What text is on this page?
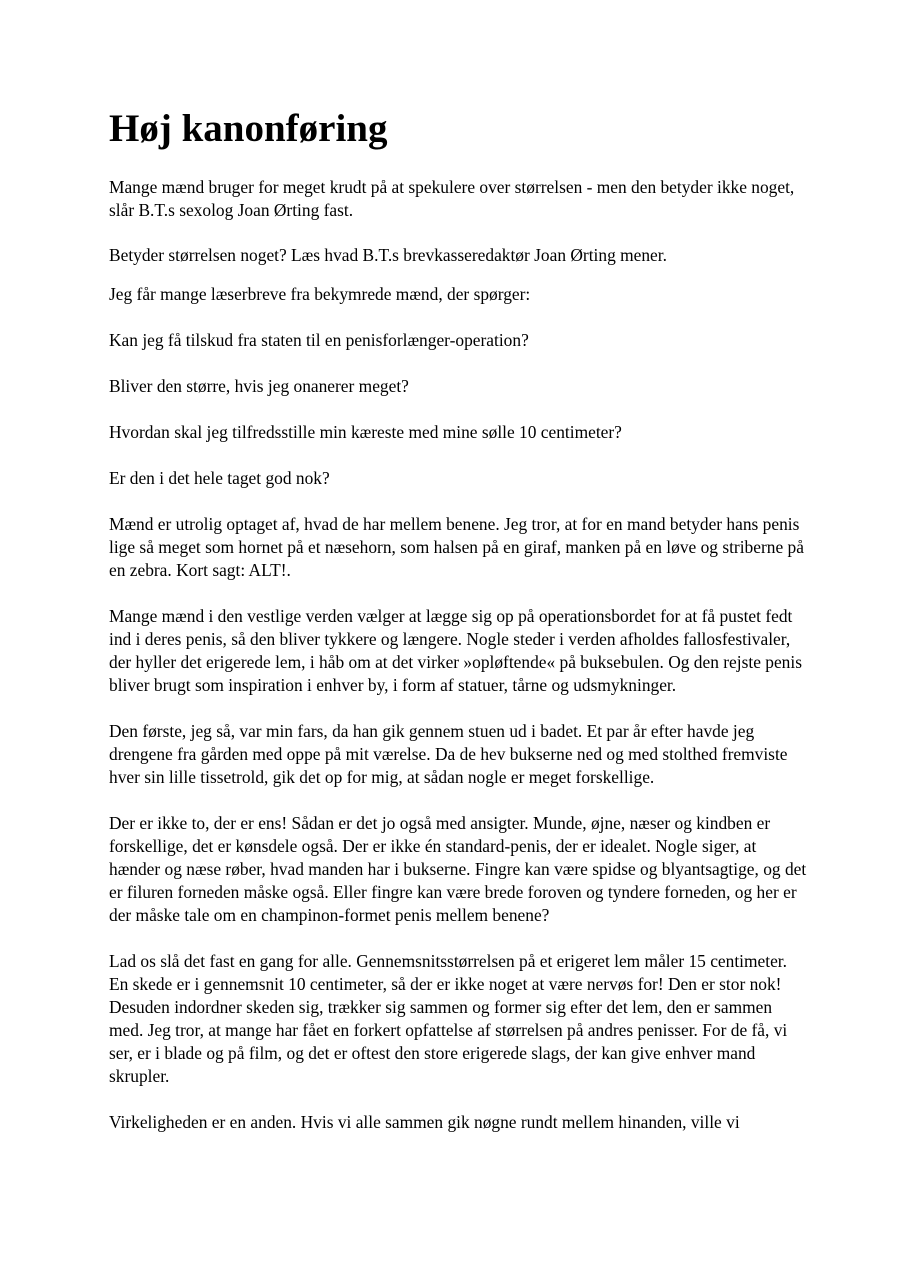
Høj kanonføring

Mange mænd bruger for meget krudt på at spekulere over størrelsen - men den betyder ikke noget, slår B.T.s sexolog Joan Ørting fast.

Betyder størrelsen noget? Læs hvad B.T.s brevkasseredaktør Joan Ørting mener.

Jeg får mange læserbreve fra bekymrede mænd, der spørger:

Kan jeg få tilskud fra staten til en penisforlænger-operation?

Bliver den større, hvis jeg onanerer meget?

Hvordan skal jeg tilfredsstille min kæreste med mine sølle 10 centimeter?

Er den i det hele taget god nok?

Mænd er utrolig optaget af, hvad de har mellem benene. Jeg tror, at for en mand betyder hans penis lige så meget som hornet på et næsehorn, som halsen på en giraf, manken på en løve og striberne på en zebra. Kort sagt: ALT!.

Mange mænd i den vestlige verden vælger at lægge sig op på operationsbordet for at få pustet fedt ind i deres penis, så den bliver tykkere og længere. Nogle steder i verden afholdes fallosfestivaler, der hyller det erigerede lem, i håb om at det virker »opløftende« på buksebulen. Og den rejste penis bliver brugt som inspiration i enhver by, i form af statuer, tårne og udsmykninger.

Den første, jeg så, var min fars, da han gik gennem stuen ud i badet. Et par år efter havde jeg drengene fra gården med oppe på mit værelse. Da de hev bukserne ned og med stolthed fremviste hver sin lille tissetrold, gik det op for mig, at sådan nogle er meget forskellige.

Der er ikke to, der er ens! Sådan er det jo også med ansigter. Munde, øjne, næser og kindben er forskellige, det er kønsdele også. Der er ikke én standard-penis, der er idealet. Nogle siger, at hænder og næse røber, hvad manden har i bukserne. Fingre kan være spidse og blyantsagtige, og det er filuren forneden måske også. Eller fingre kan være brede foroven og tyndere forneden, og her er der måske tale om en champinon-formet penis mellem benene?

Lad os slå det fast en gang for alle. Gennemsnitsstørrelsen på et erigeret lem måler 15 centimeter. En skede er i gennemsnit 10 centimeter, så der er ikke noget at være nervøs for! Den er stor nok! Desuden indordner skeden sig, trækker sig sammen og former sig efter det lem, den er sammen med. Jeg tror, at mange har fået en forkert opfattelse af størrelsen på andres penisser. For de få, vi ser, er i blade og på film, og det er oftest den store erigerede slags, der kan give enhver mand skrupler.

Virkeligheden er en anden. Hvis vi alle sammen gik nøgne rundt mellem hinanden, ville vi
